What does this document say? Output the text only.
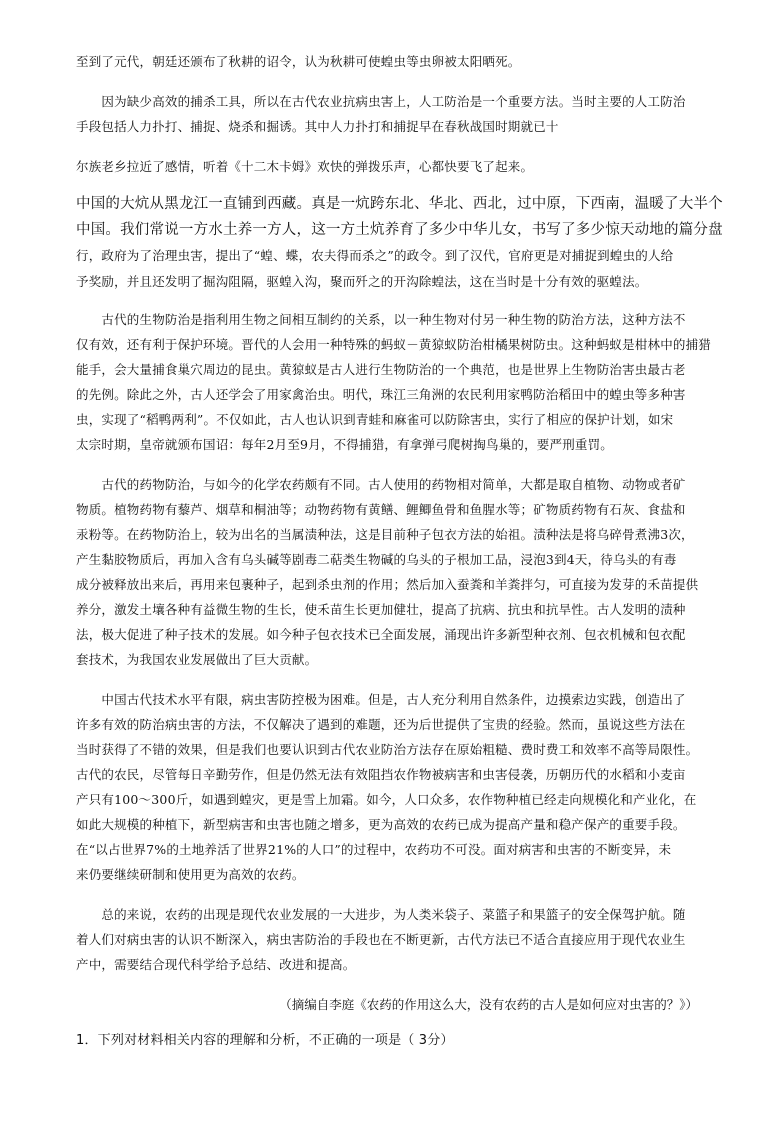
至到了元代，朝廷还颁布了秋耕的诏令，认为秋耕可使蝗虫等虫卵被太阳晒死。
　　因为缺少高效的捕杀工具，所以在古代农业抗病虫害上，人工防治是一个重要方法。当时主要的人工防治
手段包括人力扑打、捕捉、烧杀和掘诱。其中人力扑打和捕捉早在春秋战国时期就已十
尔族老乡拉近了感情，听着《十二木卡姆》欢快的弹拨乐声，心都快要飞了起来。
中国的大炕从黑龙江一直铺到西藏。真是一炕跨东北、华北、西北，过中原，下西南，温暖了大半个
中国。我们常说一方水土养一方人，这一方土炕养育了多少中华儿女，书写了多少惊天动地的篇分盘
行，政府为了治理虫害，提出了“蝗、蝶，农夫得而杀之”的政令。到了汉代，官府更是对捕捉到蝗虫的人给
予奖励，并且还发明了掘沟阻隔，驱蝗入沟，聚而歼之的开沟除蝗法，这在当时是十分有效的驱蝗法。
　　古代的生物防治是指利用生物之间相互制约的关系，以一种生物对付另一种生物的防治方法，这种方法不
仅有效，还有利于保护环境。晋代的人会用一种特殊的蚂蚁－黄猄蚁防治柑橘果树防虫。这种蚂蚁是柑林中的捕猎
能手，会大量捕食巢穴周边的昆虫。黄猄蚁是古人进行生物防治的一个典范，也是世界上生物防治害虫最古老
的先例。除此之外，古人还学会了用家禽治虫。明代，珠江三角洲的农民利用家鸭防治稻田中的蝗虫等多种害
虫，实现了“稻鸭两利”。不仅如此，古人也认识到青蛙和麻雀可以防除害虫，实行了相应的保护计划，如宋
太宗时期，皇帝就颁布国诏：每年2月至9月，不得捕猎，有拿弹弓爬树掏鸟巢的，要严刑重罚。
　　古代的药物防治，与如今的化学农药颇有不同。古人使用的药物相对简单，大都是取自植物、动物或者矿
物质。植物药物有藜芦、烟草和桐油等；动物药物有黄鳝、鲤鲫鱼骨和鱼腥水等；矿物质药物有石灰、食盐和
汞粉等。在药物防治上，较为出名的当属渍种法，这是目前种子包衣方法的始祖。渍种法是将乌碎骨煮沸3次，
产生黏胶物质后，再加入含有乌头碱等剧毒二萜类生物碱的乌头的子根加工品，浸泡3到4天，待乌头的有毒
成分被释放出来后，再用来包裹种子，起到杀虫剂的作用；然后加入蚕粪和羊粪拌匀，可直接为发芽的禾苗提供
养分，激发土壤各种有益微生物的生长，使禾苗生长更加健壮，提高了抗病、抗虫和抗旱性。古人发明的渍种
法，极大促进了种子技术的发展。如今种子包衣技术已全面发展，涌现出许多新型种衣剂、包衣机械和包衣配
套技术，为我国农业发展做出了巨大贡献。
　　中国古代技术水平有限，病虫害防控极为困难。但是，古人充分利用自然条件，边摸索边实践，创造出了
许多有效的防治病虫害的方法，不仅解决了遇到的难题，还为后世提供了宝贵的经验。然而，虽说这些方法在
当时获得了不错的效果，但是我们也要认识到古代农业防治方法存在原始粗糙、费时费工和效率不高等局限性。
古代的农民，尽管每日辛勤劳作，但是仍然无法有效阻挡农作物被病害和虫害侵袭，历朝历代的水稻和小麦亩
产只有100～300斤，如遇到蝗灾，更是雪上加霜。如今，人口众多，农作物种植已经走向规模化和产业化，在
如此大规模的种植下，新型病害和虫害也随之增多，更为高效的农药已成为提高产量和稳产保产的重要手段。
在“以占世界7%的土地养活了世界21%的人口”的过程中，农药功不可没。面对病害和虫害的不断变异，未
来仍要继续研制和使用更为高效的农药。
　　总的来说，农药的出现是现代农业发展的一大进步，为人类米袋子、菜篮子和果篮子的安全保驾护航。随
着人们对病虫害的认识不断深入，病虫害防治的手段也在不断更新，古代方法已不适合直接应用于现代农业生
产中，需要结合现代科学给予总结、改进和提高。
（摘编自李庭《农药的作用这么大，没有农药的古人是如何应对虫害的？》）
1．下列对材料相关内容的理解和分析，不正确的一项是（ 3分）
